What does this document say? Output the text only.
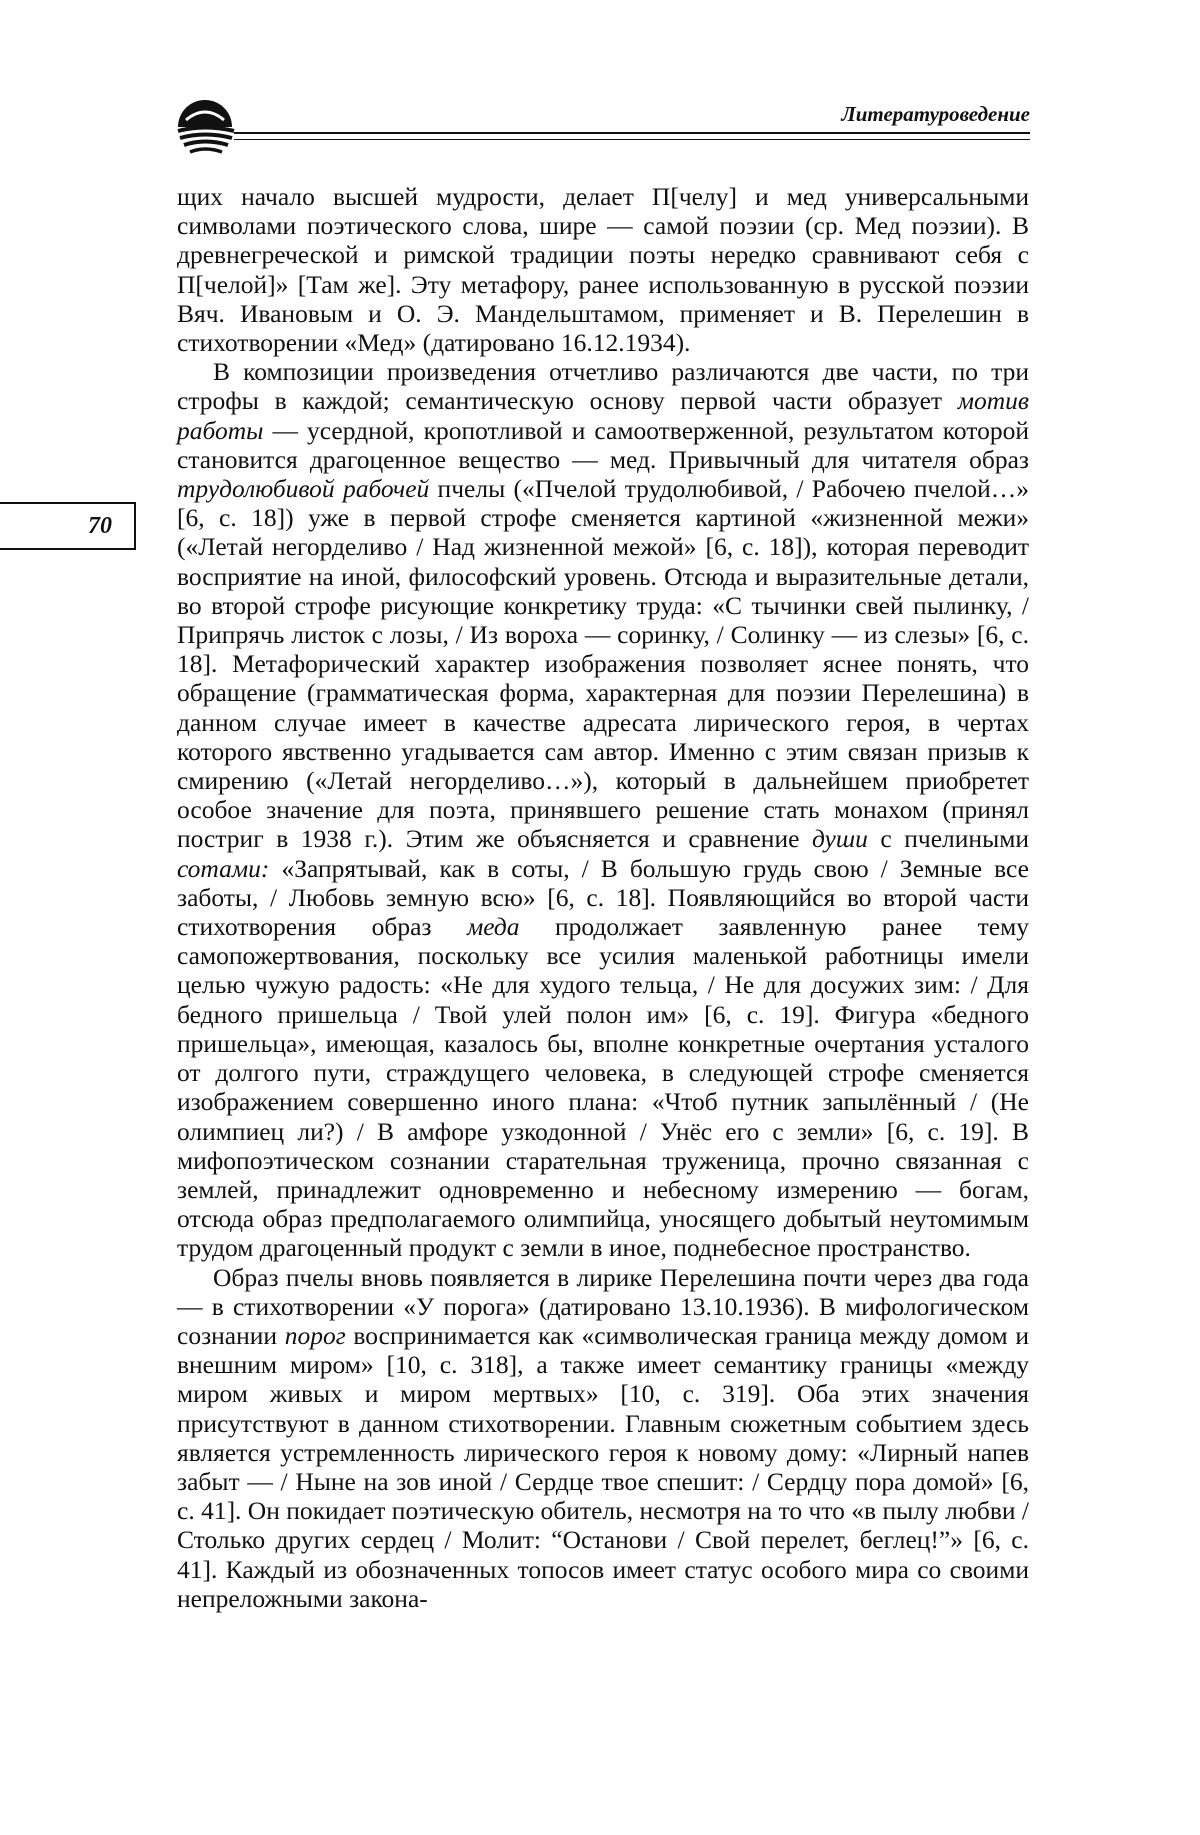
Литературоведение
70

щих начало высшей мудрости, делает П[челу] и мед универсальными символами поэтического слова, шире — самой поэзии (ср. Мед поэзии). В древнегреческой и римской традиции поэты нередко сравнивают себя с П[челой]» [Там же]. Эту метафору, ранее использованную в русской поэзии Вяч. Ивановым и О. Э. Мандельштамом, применяет и В. Перелешин в стихотворении «Мед» (датировано 16.12.1934).

В композиции произведения отчетливо различаются две части, по три строфы в каждой; семантическую основу первой части образует мотив работы — усердной, кропотливой и самоотверженной, результатом которой становится драгоценное вещество — мед. Привычный для читателя образ трудолюбивой рабочей пчелы («Пчелой трудолюбивой, / Рабочею пчелой…» [6, с. 18]) уже в первой строфе сменяется картиной «жизненной межи» («Летай негорделиво / Над жизненной межой» [6, с. 18]), которая переводит восприятие на иной, философский уровень. Отсюда и выразительные детали, во второй строфе рисующие конкретику труда: «С тычинки свей пылинку, / Припрячь листок с лозы, / Из вороха — соринку, / Солинку — из слезы» [6, с. 18]. Метафорический характер изображения позволяет яснее понять, что обращение (грамматическая форма, характерная для поэзии Перелешина) в данном случае имеет в качестве адресата лирического героя, в чертах которого явственно угадывается сам автор. Именно с этим связан призыв к смирению («Летай негорделиво…»), который в дальнейшем приобретет особое значение для поэта, принявшего решение стать монахом (принял постриг в 1938 г.). Этим же объясняется и сравнение души с пчелиными сотами: «Запрятывай, как в соты, / В большую грудь свою / Земные все заботы, / Любовь земную всю» [6, с. 18]. Появляющийся во второй части стихотворения образ меда продолжает заявленную ранее тему самопожертвования, поскольку все усилия маленькой работницы имели целью чужую радость: «Не для худого тельца, / Не для досужих зим: / Для бедного пришельца / Твой улей полон им» [6, с. 19]. Фигура «бедного пришельца», имеющая, казалось бы, вполне конкретные очертания усталого от долгого пути, страждущего человека, в следующей строфе сменяется изображением совершенно иного плана: «Чтоб путник запылённый / (Не олимпиец ли?) / В амфоре узкодонной / Унёс его с земли» [6, с. 19]. В мифопоэтическом сознании старательная труженица, прочно связанная с землей, принадлежит одновременно и небесному измерению — богам, отсюда образ предполагаемого олимпийца, уносящего добытый неутомимым трудом драгоценный продукт с земли в иное, поднебесное пространство.

Образ пчелы вновь появляется в лирике Перелешина почти через два года — в стихотворении «У порога» (датировано 13.10.1936). В мифологическом сознании порог воспринимается как «символическая граница между домом и внешним миром» [10, с. 318], а также имеет семантику границы «между миром живых и миром мертвых» [10, с. 319]. Оба этих значения присутствуют в данном стихотворении. Главным сюжетным событием здесь является устремленность лирического героя к новому дому: «Лирный напев забыт — / Ныне на зов иной / Сердце твое спешит: / Сердцу пора домой» [6, с. 41]. Он покидает поэтическую обитель, несмотря на то что «в пылу любви / Столько других сердец / Молит: “Останови / Свой перелет, беглец!”» [6, с. 41]. Каждый из обозначенных топосов имеет статус особого мира со своими непреложными закона-
